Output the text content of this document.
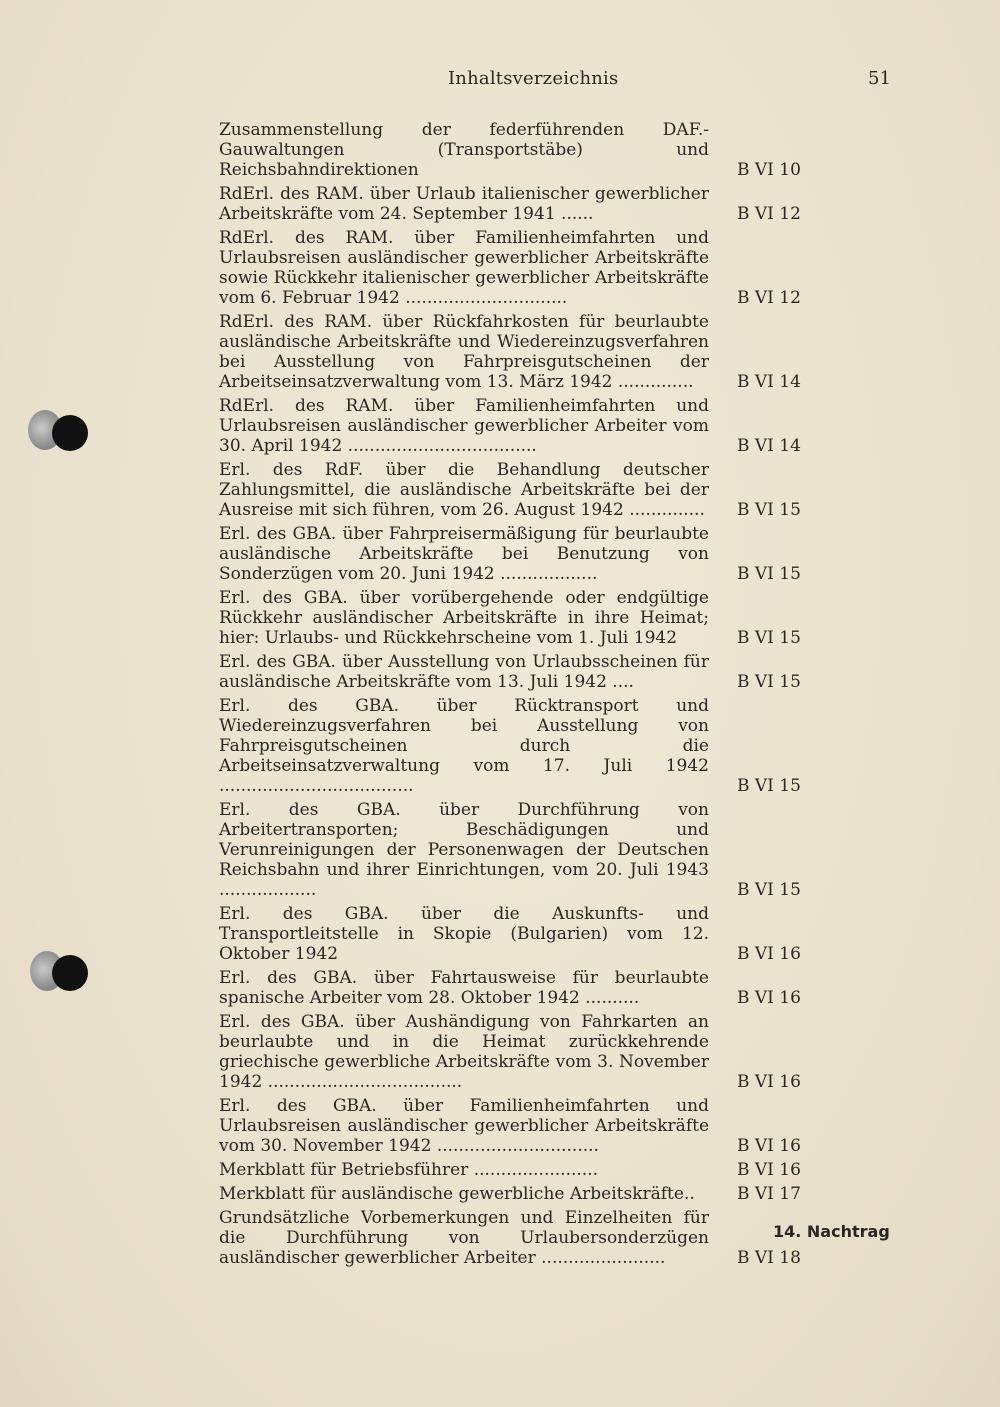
Inhaltsverzeichnis	51
Zusammenstellung der federführenden DAF.-Gauwaltungen (Transportstäbe) und Reichsbahndirektionen	B VI 10
RdErl. des RAM. über Urlaub italienischer gewerblicher Arbeitskräfte vom 24. September 1941 ......	B VI 12
RdErl. des RAM. über Familienheimfahrten und Urlaubsreisen ausländischer gewerblicher Arbeitskräfte sowie Rückkehr italienischer gewerblicher Arbeitskräfte vom 6. Februar 1942 ..............................	B VI 12
RdErl. des RAM. über Rückfahrkosten für beurlaubte ausländische Arbeitskräfte und Wiedereinzugsverfahren bei Ausstellung von Fahrpreisgutscheinen der Arbeitseinsatzverwaltung vom 13. März 1942 ..............	B VI 14
RdErl. des RAM. über Familienheimfahrten und Urlaubsreisen ausländischer gewerblicher Arbeiter vom 30. April 1942 ...................................	B VI 14
Erl. des RdF. über die Behandlung deutscher Zahlungsmittel, die ausländische Arbeitskräfte bei der Ausreise mit sich führen, vom 26. August 1942 .............. B VI 15
Erl. des GBA. über Fahrpreisermäßigung für beurlaubte ausländische Arbeitskräfte bei Benutzung von Sonderzügen vom 20. Juni 1942 ..................	B VI 15
Erl. des GBA. über vorübergehende oder endgültige Rückkehr ausländischer Arbeitskräfte in ihre Heimat; hier: Urlaubs- und Rückkehrscheine vom 1. Juli 1942	B VI 15
Erl. des GBA. über Ausstellung von Urlaubsscheinen für ausländische Arbeitskräfte vom 13. Juli 1942 ....	B VI 15
Erl. des GBA. über Rücktransport und Wiedereinzugsverfahren bei Ausstellung von Fahrpreisgutscheinen durch die Arbeitseinsatzverwaltung vom 17. Juli 1942 ....................................	B VI 15
Erl. des GBA. über Durchführung von Arbeitertransporten; Beschädigungen und Verunreinigungen der Personenwagen der Deutschen Reichsbahn und ihrer Einrichtungen, vom 20. Juli 1943 ..................	B VI 15
Erl. des GBA. über die Auskunfts- und Transportleitstelle in Skopie (Bulgarien) vom 12. Oktober 1942	B VI 16
Erl. des GBA. über Fahrtausweise für beurlaubte spanische Arbeiter vom 28. Oktober 1942 ..........	B VI 16
Erl. des GBA. über Aushändigung von Fahrkarten an beurlaubte und in die Heimat zurückkehrende griechische gewerbliche Arbeitskräfte vom 3. November 1942 ....................................	B VI 16
Erl. des GBA. über Familienheimfahrten und Urlaubsreisen ausländischer gewerblicher Arbeitskräfte vom 30. November 1942 ..............................	B VI 16
Merkblatt für Betriebsführer .......................	B VI 16
Merkblatt für ausländische gewerbliche Arbeitskräfte..	B VI 17
Grundsätzliche Vorbemerkungen und Einzelheiten für die Durchführung von Urlaubersonderzügen ausländischer gewerblicher Arbeiter .......................	B VI 18
14. Nachtrag
